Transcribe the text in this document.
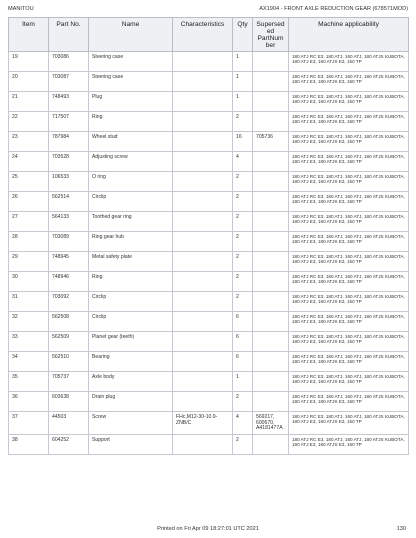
MANITOU	AX1904 - FRONT AXLE REDUCTION GEAR (678571MOD)
Item	Part No.	Name	Characteristics	Qty	Supersed ed PartNum ber	Machine applicability
19	703086	Steering case		1		180 ATJ RC E3, 180 ATJ, 160 ATJ, 180 ATJS KUBOTA, 180 ATJ E3, 180 ATJS E3, 150 TP
20	703087	Steering case		1		180 ATJ RC E3, 180 ATJ, 160 ATJ, 180 ATJS KUBOTA, 180 ATJ E3, 180 ATJS E3, 150 TP
21	748493	Plug		1		180 ATJ RC E3, 180 ATJ, 160 ATJ, 180 ATJS KUBOTA, 180 ATJ E3, 180 ATJS E3, 150 TP
22	717507	Ring		2		180 ATJ RC E3, 180 ATJ, 160 ATJ, 180 ATJS KUBOTA, 180 ATJ E3, 180 ATJS E3, 150 TP
23	787984	Wheel stud		16	705736	180 ATJ RC E3, 180 ATJ, 160 ATJ, 180 ATJS KUBOTA, 180 ATJ E3, 180 ATJS E3, 150 TP
24	703528	Adjusting screw		4		180 ATJ RC E3, 180 ATJ, 160 ATJ, 180 ATJS KUBOTA, 180 ATJ E3, 180 ATJS E3, 150 TP
25	106533	O ring		2		180 ATJ RC E3, 180 ATJ, 160 ATJ, 180 ATJS KUBOTA, 180 ATJ E3, 180 ATJS E3, 150 TP
26	562514	Circlip		2		180 ATJ RC E3, 180 ATJ, 160 ATJ, 180 ATJS KUBOTA, 180 ATJ E3, 180 ATJS E3, 150 TP
27	564133	Toothed gear ring		2		180 ATJ RC E3, 180 ATJ, 160 ATJ, 180 ATJS KUBOTA, 180 ATJ E3, 180 ATJS E3, 150 TP
28	703089	Ring gear hub		2		180 ATJ RC E3, 180 ATJ, 160 ATJ, 180 ATJS KUBOTA, 180 ATJ E3, 180 ATJS E3, 150 TP
29	748945	Metal safety plate		2		180 ATJ RC E3, 180 ATJ, 160 ATJ, 180 ATJS KUBOTA, 180 ATJ E3, 180 ATJS E3, 150 TP
30	748946	Ring		2		180 ATJ RC E3, 180 ATJ, 160 ATJ, 180 ATJS KUBOTA, 180 ATJ E3, 180 ATJS E3, 150 TP
31	703092	Circlip		2		180 ATJ RC E3, 180 ATJ, 160 ATJ, 180 ATJS KUBOTA, 180 ATJ E3, 180 ATJS E3, 150 TP
32	562508	Circlip		6		180 ATJ RC E3, 180 ATJ, 160 ATJ, 180 ATJS KUBOTA, 180 ATJ E3, 180 ATJS E3, 150 TP
33	562509	Planet gear (teeth)		6		180 ATJ RC E3, 180 ATJ, 160 ATJ, 180 ATJS KUBOTA, 180 ATJ E3, 180 ATJS E3, 150 TP
34	562510	Bearing		6		180 ATJ RC E3, 180 ATJ, 160 ATJ, 180 ATJS KUBOTA, 180 ATJ E3, 180 ATJS E3, 150 TP
35	705737	Axle body		1		180 ATJ RC E3, 180 ATJ, 160 ATJ, 180 ATJS KUBOTA, 180 ATJ E3, 180 ATJS E3, 150 TP
36	603638	Drain plug		2		180 ATJ RC E3, 180 ATJ, 160 ATJ, 180 ATJS KUBOTA, 180 ATJ E3, 180 ATJS E3, 150 TP
37	44503	Screw	FHc,M12-30-10.9-ZNB/C	4	569217, 600670, A4181477A	180 ATJ RC E3, 180 ATJ, 160 ATJ, 180 ATJS KUBOTA, 180 ATJ E3, 180 ATJS E3, 150 TP
38	604252	Support		2		180 ATJ RC E3, 180 ATJ, 160 ATJ, 180 ATJS KUBOTA, 180 ATJ E3, 180 ATJS E3, 150 TP
Printed on Fri Apr 09 18:27:01 UTC 2021	130
